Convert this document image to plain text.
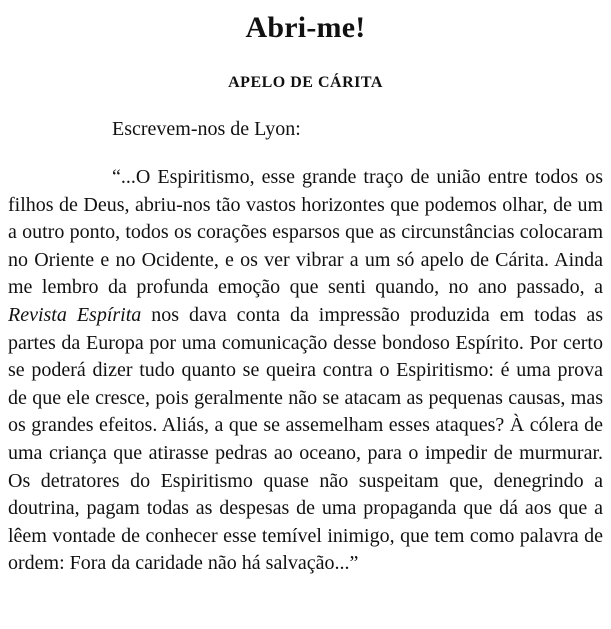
Abri-me!
APELO DE CÁRITA

Escrevem-nos de Lyon:

“...O Espiritismo, esse grande traço de união entre todos os filhos de Deus, abriu-nos tão vastos horizontes que podemos olhar, de um a outro ponto, todos os corações esparsos que as circunstâncias colocaram no Oriente e no Ocidente, e os ver vibrar a um só apelo de Cárita. Ainda me lembro da profunda emoção que senti quando, no ano passado, a Revista Espírita nos dava conta da impressão produzida em todas as partes da Europa por uma comunicação desse bondoso Espírito. Por certo se poderá dizer tudo quanto se queira contra o Espiritismo: é uma prova de que ele cresce, pois geralmente não se atacam as pequenas causas, mas os grandes efeitos. Aliás, a que se assemelham esses ataques? À cólera de uma criança que atirasse pedras ao oceano, para o impedir de murmurar. Os detratores do Espiritismo quase não suspeitam que, denegrindo a doutrina, pagam todas as despesas de uma propaganda que dá aos que a lêem vontade de conhecer esse temível inimigo, que tem como palavra de ordem: Fora da caridade não há salvação...”
